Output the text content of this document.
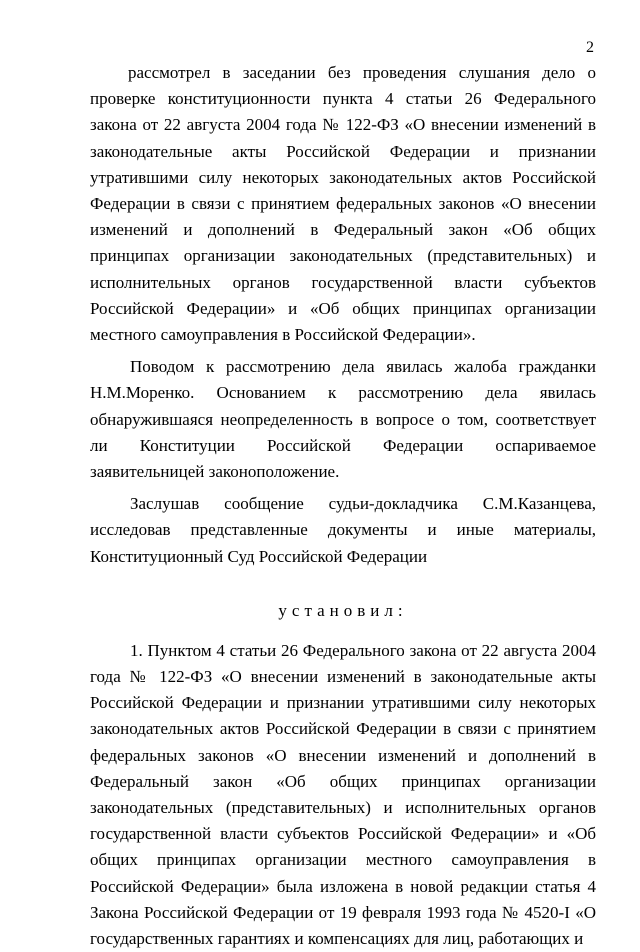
2

рассмотрел в заседании без проведения слушания дело о проверке конституционности пункта 4 статьи 26 Федерального закона от 22 августа 2004 года № 122-ФЗ «О внесении изменений в законодательные акты Российской Федерации и признании утратившими силу некоторых законодательных актов Российской Федерации в связи с принятием федеральных законов «О внесении изменений и дополнений в Федеральный закон «Об общих принципах организации законодательных (представительных) и исполнительных органов государственной власти субъектов Российской Федерации» и «Об общих принципах организации местного самоуправления в Российской Федерации».

Поводом к рассмотрению дела явилась жалоба гражданки Н.М.Моренко. Основанием к рассмотрению дела явилась обнаружившаяся неопределенность в вопросе о том, соответствует ли Конституции Российской Федерации оспариваемое заявительницей законоположение.

Заслушав сообщение судьи-докладчика С.М.Казанцева, исследовав представленные документы и иные материалы, Конституционный Суд Российской Федерации

установил:

1. Пунктом 4 статьи 26 Федерального закона от 22 августа 2004 года № 122-ФЗ «О внесении изменений в законодательные акты Российской Федерации и признании утратившими силу некоторых законодательных актов Российской Федерации в связи с принятием федеральных законов «О внесении изменений и дополнений в Федеральный закон «Об общих принципах организации законодательных (представительных) и исполнительных органов государственной власти субъектов Российской Федерации» и «Об общих принципах организации местного самоуправления в Российской Федерации» была изложена в новой редакции статья 4 Закона Российской Федерации от 19 февраля 1993 года № 4520-I «О государственных гарантиях и компенсациях для лиц, работающих и
